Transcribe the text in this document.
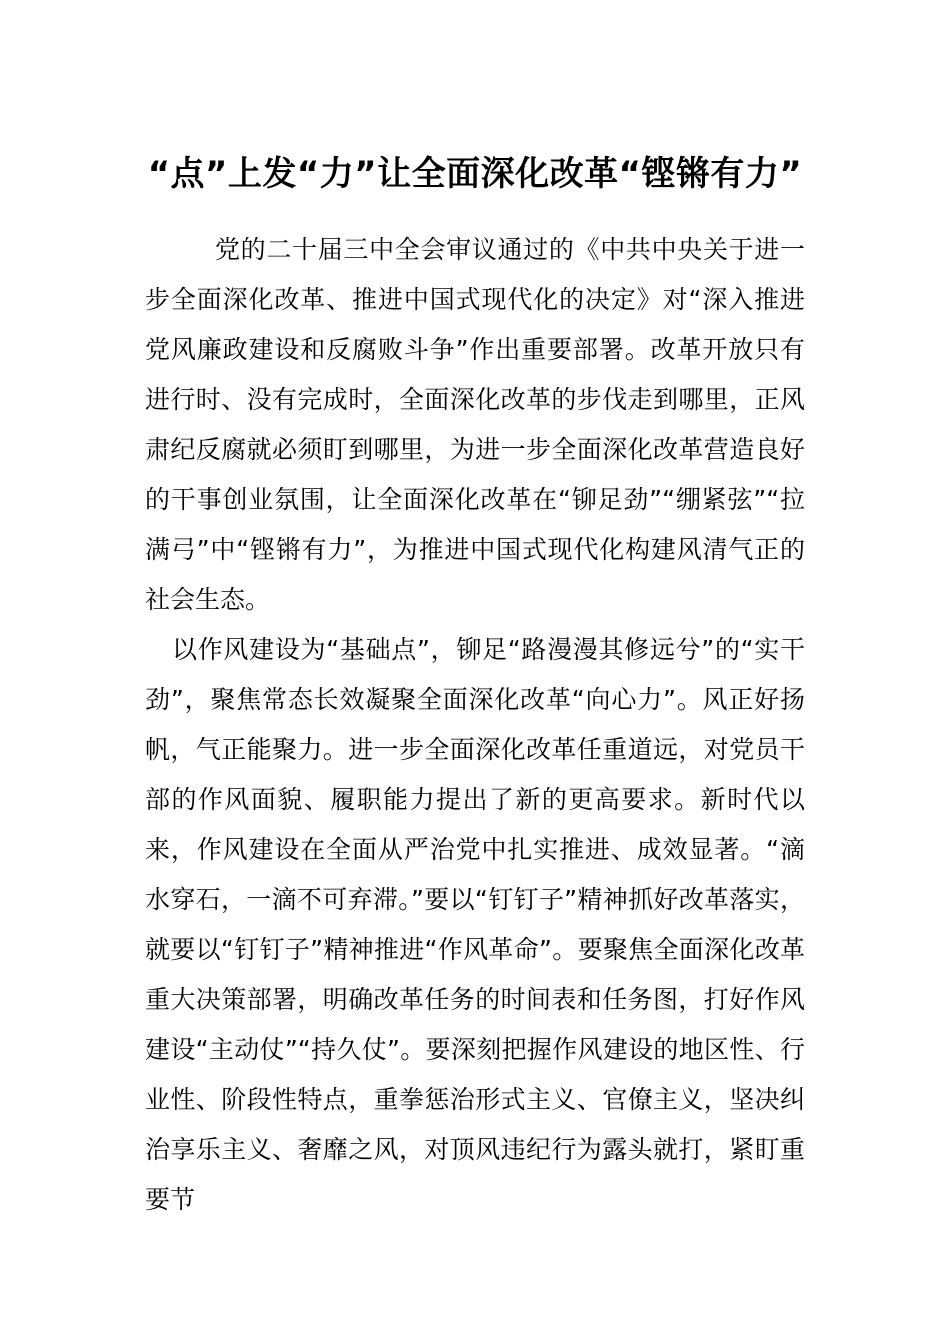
“点”上发“力”让全面深化改革“铿锵有力”

党的二十届三中全会审议通过的《中共中央关于进一步全面深化改革、推进中国式现代化的决定》对“深入推进党风廉政建设和反腐败斗争”作出重要部署。改革开放只有进行时、没有完成时，全面深化改革的步伐走到哪里，正风肃纪反腐就必须盯到哪里，为进一步全面深化改革营造良好的干事创业氛围，让全面深化改革在“铆足劲”“绷紧弦”“拉满弓”中“铿锵有力”，为推进中国式现代化构建风清气正的社会生态。

以作风建设为“基础点”，铆足“路漫漫其修远兮”的“实干劲”，聚焦常态长效凝聚全面深化改革“向心力”。风正好扬帆，气正能聚力。进一步全面深化改革任重道远，对党员干部的作风面貌、履职能力提出了新的更高要求。新时代以来，作风建设在全面从严治党中扎实推进、成效显著。“滴水穿石，一滴不可弃滞。”要以“钉钉子”精神抓好改革落实，就要以“钉钉子”精神推进“作风革命”。要聚焦全面深化改革重大决策部署，明确改革任务的时间表和任务图，打好作风建设“主动仗”“持久仗”。要深刻把握作风建设的地区性、行业性、阶段性特点，重拳惩治形式主义、官僚主义，坚决纠治享乐主义、奢靡之风，对顶风违纪行为露头就打，紧盯重要节
